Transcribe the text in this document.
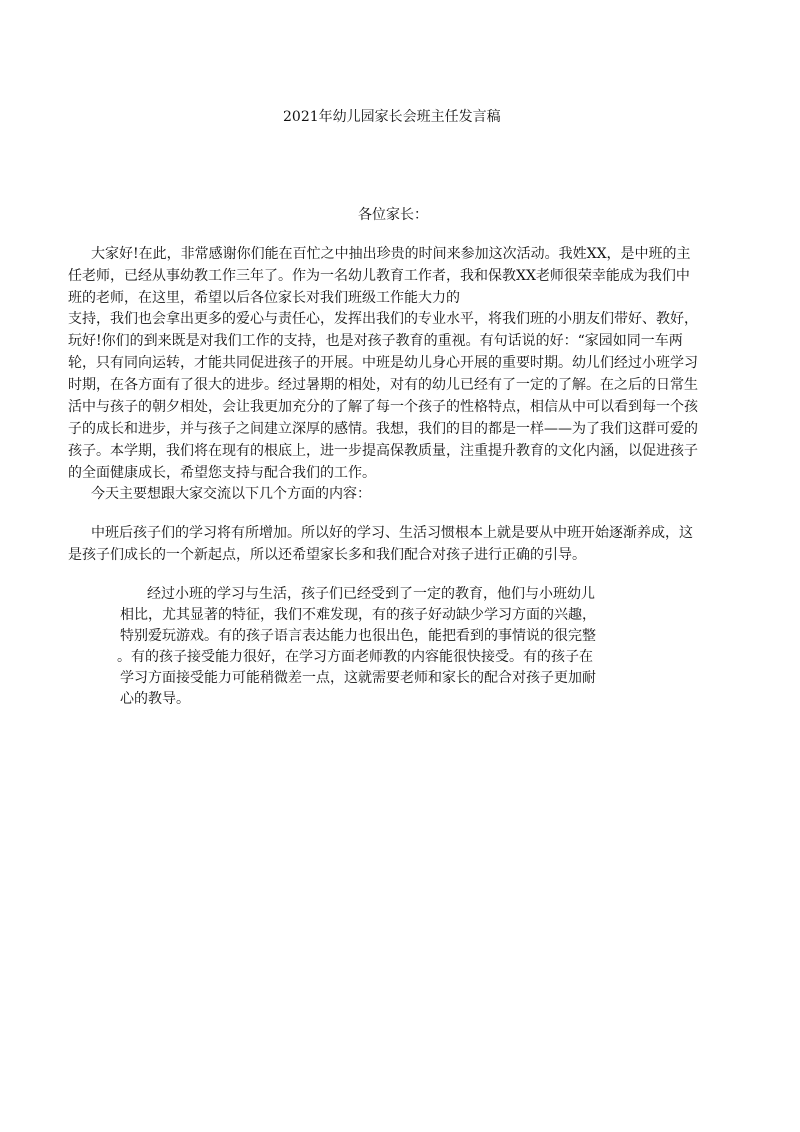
2021年幼儿园家长会班主任发言稿
各位家长：
大家好!在此，非常感谢你们能在百忙之中抽出珍贵的时间来参加这次活动。我姓XX，是中班的主
任老师，已经从事幼教工作三年了。作为一名幼儿教育工作者，我和保教XX老师很荣幸能成为我们中
班的老师，在这里，希望以后各位家长对我们班级工作能大力的
支持，我们也会拿出更多的爱心与责任心，发挥出我们的专业水平，将我们班的小朋友们带好、教好，
玩好!你们的到来既是对我们工作的支持，也是对孩子教育的重视。有句话说的好：“家园如同一车两
轮，只有同向运转，才能共同促进孩子的开展。中班是幼儿身心开展的重要时期。幼儿们经过小班学习
时期，在各方面有了很大的进步。经过暑期的相处，对有的幼儿已经有了一定的了解。在之后的日常生
活中与孩子的朝夕相处，会让我更加充分的了解了每一个孩子的性格特点，相信从中可以看到每一个孩
子的成长和进步，并与孩子之间建立深厚的感情。我想，我们的目的都是一样——为了我们这群可爱的
孩子。本学期，我们将在现有的根底上，进一步提高保教质量，注重提升教育的文化内涵，以促进孩子
的全面健康成长，希望您支持与配合我们的工作。
今天主要想跟大家交流以下几个方面的内容：
中班后孩子们的学习将有所增加。所以好的学习、生活习惯根本上就是要从中班开始逐渐养成，这
是孩子们成长的一个新起点，所以还希望家长多和我们配合对孩子进行正确的引导。
经过小班的学习与生活，孩子们已经受到了一定的教育，他们与小班幼儿
相比，尤其显著的特征，我们不难发现，有的孩子好动缺少学习方面的兴趣，
特别爱玩游戏。有的孩子语言表达能力也很出色，能把看到的事情说的很完整
。有的孩子接受能力很好，在学习方面老师教的内容能很快接受。有的孩子在
学习方面接受能力可能稍微差一点，这就需要老师和家长的配合对孩子更加耐
心的教导。
